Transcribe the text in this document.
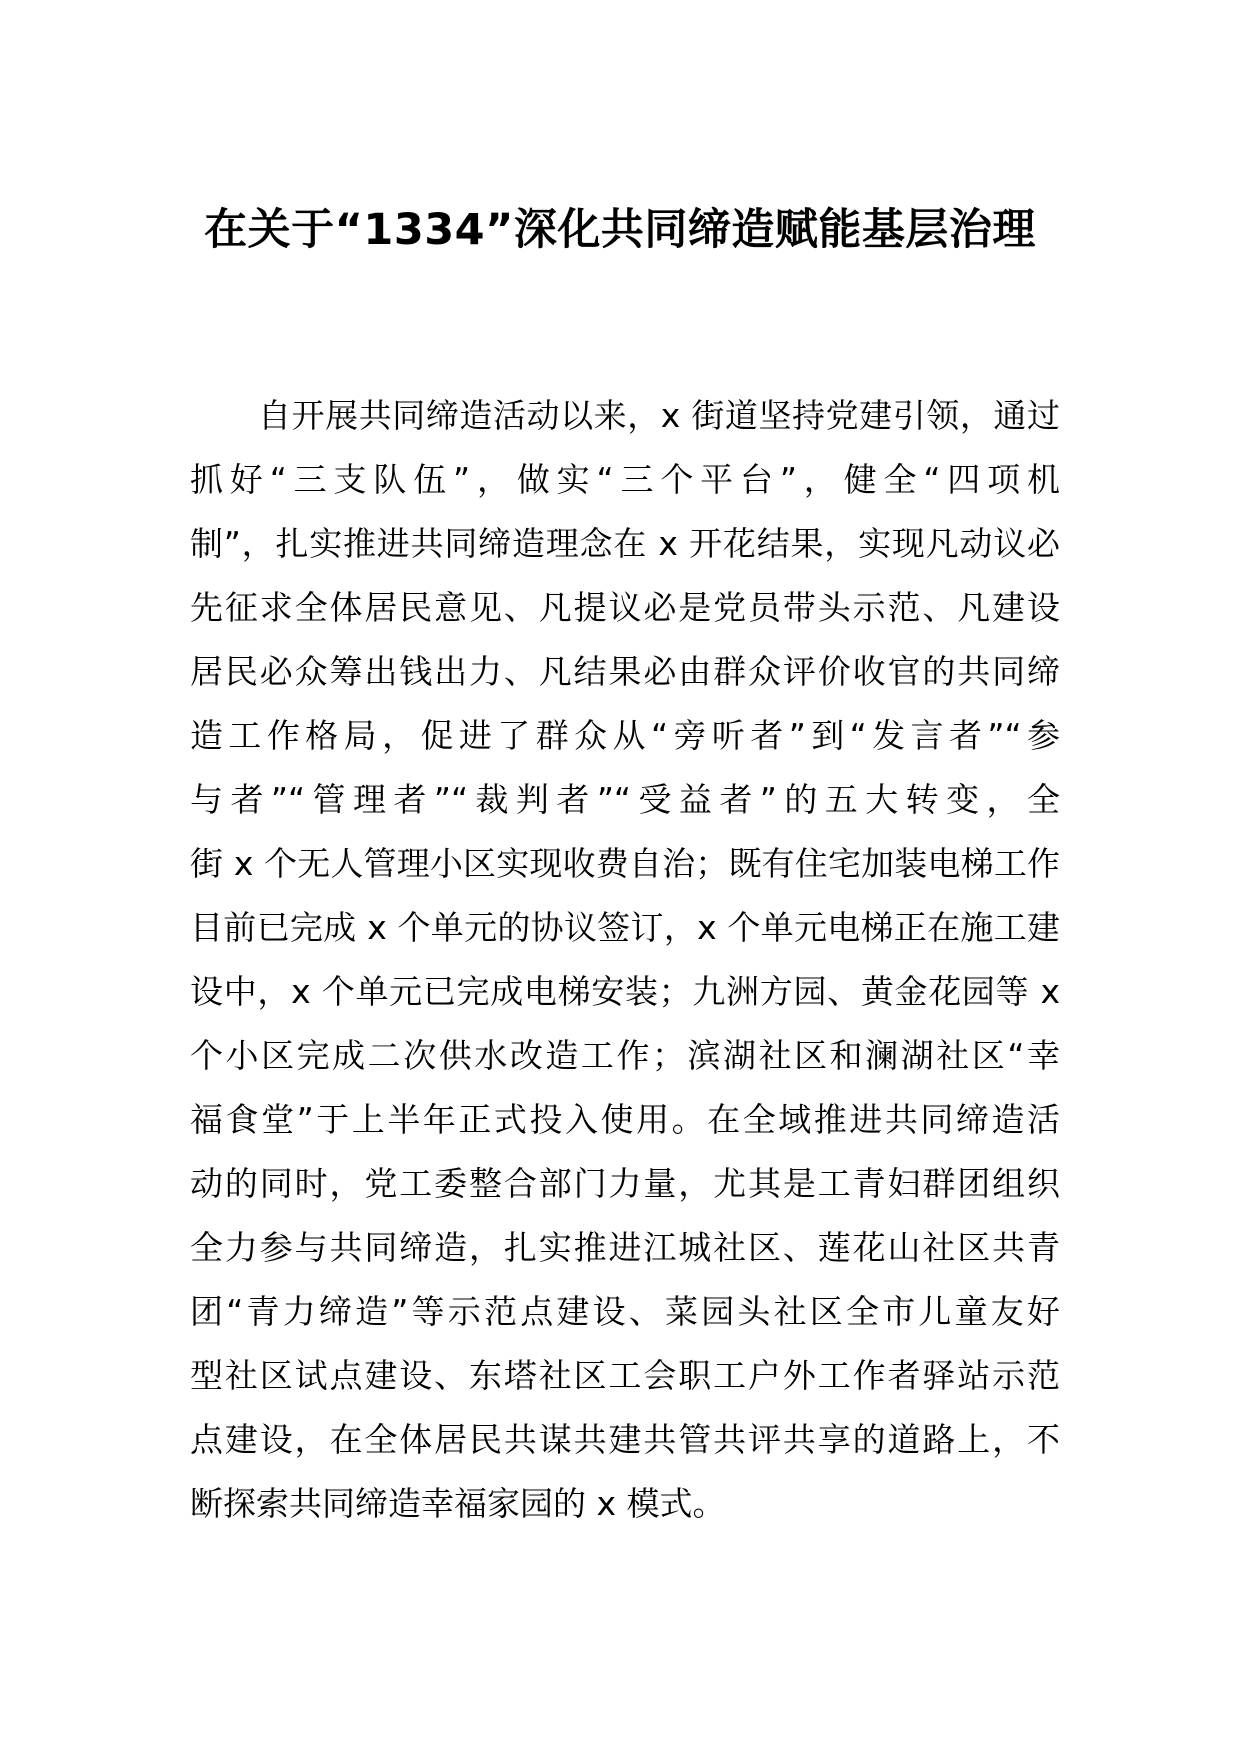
在关于“1334”深化共同缔造赋能基层治理
自开展共同缔造活动以来，x 街道坚持党建引领，通过
抓好“三支队伍”，做实“三个平台”，健全“四项机
制”，扎实推进共同缔造理念在 x 开花结果，实现凡动议必
先征求全体居民意见、凡提议必是党员带头示范、凡建设
居民必众筹出钱出力、凡结果必由群众评价收官的共同缔
造工作格局，促进了群众从“旁听者”到“发言者”“参
与者”“管理者”“裁判者”“受益者”的五大转变，全
街 x 个无人管理小区实现收费自治；既有住宅加装电梯工作
目前已完成 x 个单元的协议签订，x 个单元电梯正在施工建
设中，x 个单元已完成电梯安装；九洲方园、黄金花园等 x
个小区完成二次供水改造工作；滨湖社区和澜湖社区“幸
福食堂”于上半年正式投入使用。在全域推进共同缔造活
动的同时，党工委整合部门力量，尤其是工青妇群团组织
全力参与共同缔造，扎实推进江城社区、莲花山社区共青
团“青力缔造”等示范点建设、菜园头社区全市儿童友好
型社区试点建设、东塔社区工会职工户外工作者驿站示范
点建设，在全体居民共谋共建共管共评共享的道路上，不
断探索共同缔造幸福家园的 x 模式。
